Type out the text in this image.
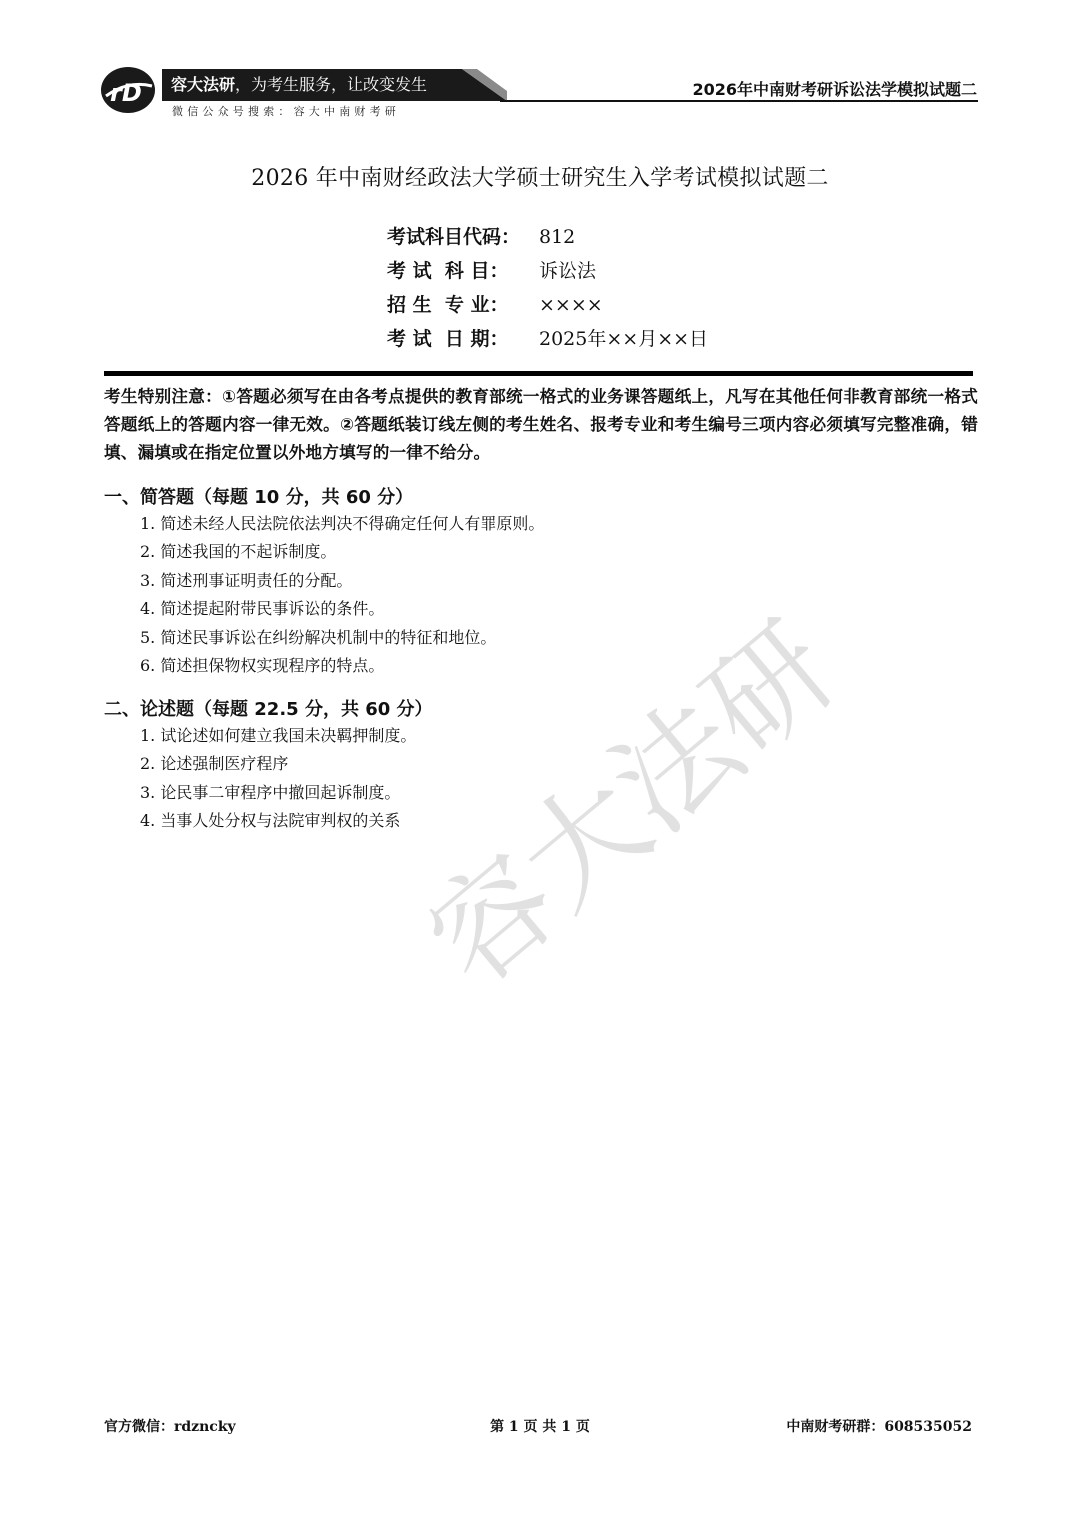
rD 容大法研，为考生服务，让改变发生
微信公众号搜索：容大中南财考研
2026年中南财考研诉讼法学模拟试题二
2026 年中南财经政法大学硕士研究生入学考试模拟试题二
考试科目代码： 812
考 试  科 目： 诉讼法
招 生  专 业： ××××
考 试  日 期： 2025年××月××日
考生特别注意：①答题必须写在由各考点提供的教育部统一格式的业务课答题纸上，凡写在其他任何非教育部统一格式答题纸上的答题内容一律无效。②答题纸装订线左侧的考生姓名、报考专业和考生编号三项内容必须填写完整准确，错填、漏填或在指定位置以外地方填写的一律不给分。
一、简答题（每题 10 分，共 60 分）
1. 简述未经人民法院依法判决不得确定任何人有罪原则。
2. 简述我国的不起诉制度。
3. 简述刑事证明责任的分配。
4. 简述提起附带民事诉讼的条件。
5. 简述民事诉讼在纠纷解决机制中的特征和地位。
6. 简述担保物权实现程序的特点。
二、论述题（每题 22.5 分，共 60 分）
1. 试论述如何建立我国未决羁押制度。
2. 论述强制医疗程序
3. 论民事二审程序中撤回起诉制度。
4. 当事人处分权与法院审判权的关系 容大法研
官方微信：rdzncky	第 1 页 共 1 页	中南财考研群：608535052
